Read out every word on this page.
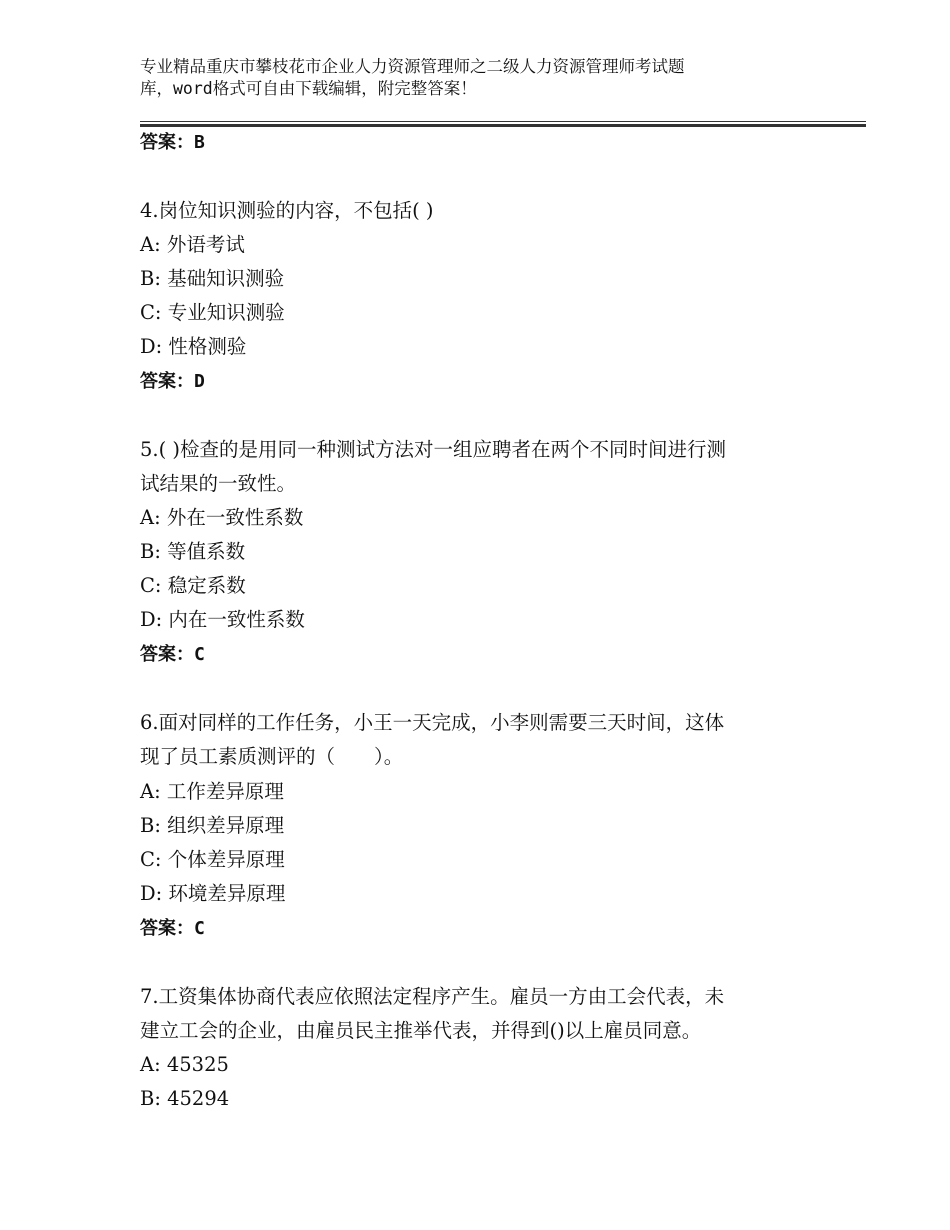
专业精品重庆市攀枝花市企业人力资源管理师之二级人力资源管理师考试题
库，word格式可自由下载编辑，附完整答案！
答案：B
4.岗位知识测验的内容，不包括( )
A: 外语考试
B: 基础知识测验
C: 专业知识测验
D: 性格测验
答案：D
5.( )检查的是用同一种测试方法对一组应聘者在两个不同时间进行测
试结果的一致性。
A: 外在一致性系数
B: 等值系数
C: 稳定系数
D: 内在一致性系数
答案：C
6.面对同样的工作任务，小王一天完成，小李则需要三天时间，这体
现了员工素质测评的（　　）。
A: 工作差异原理
B: 组织差异原理
C: 个体差异原理
D: 环境差异原理
答案：C
7.工资集体协商代表应依照法定程序产生。雇员一方由工会代表，未
建立工会的企业，由雇员民主推举代表，并得到()以上雇员同意。
A: 45325
B: 45294
